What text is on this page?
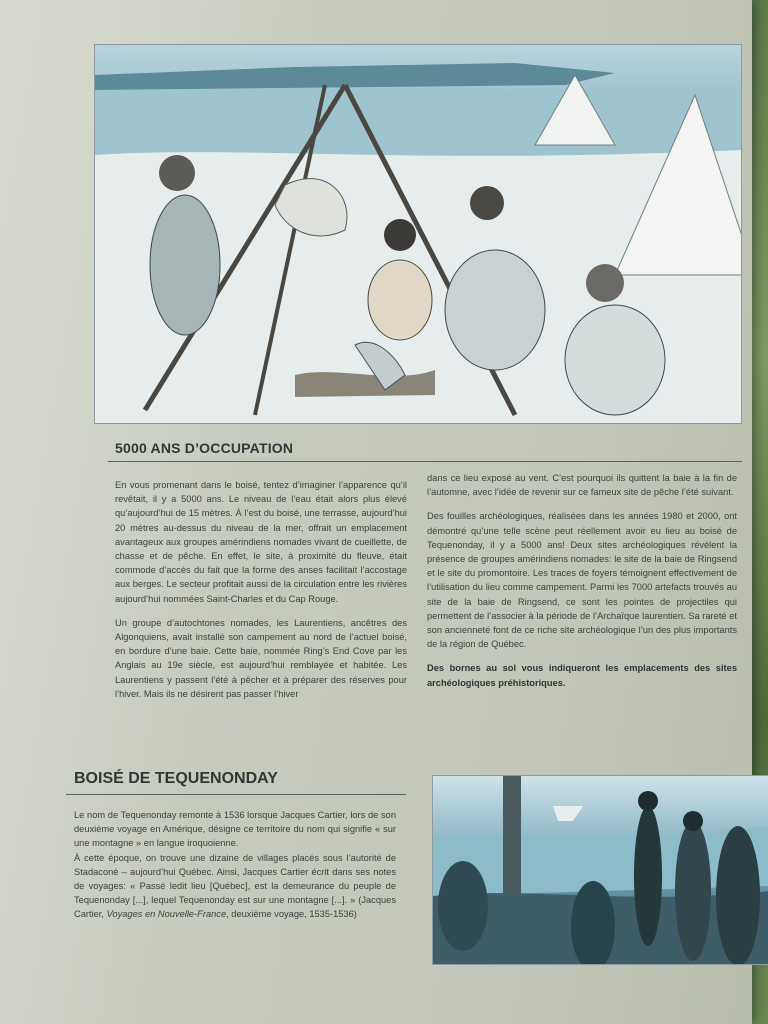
5000 ANS D’OCCUPATION

En vous promenant dans le boisé, tentez d’imaginer l’apparence qu’il revêtait, il y a 5000 ans. Le niveau de l’eau était alors plus élevé qu’aujourd’hui de 15 mètres. À l’est du boisé, une terrasse, aujourd’hui 20 mètres au-dessus du niveau de la mer, offrait un emplacement avantageux aux groupes amérindiens nomades vivant de cueillette, de chasse et de pêche. En effet, le site, à proximité du fleuve, était commode d’accès du fait que la forme des anses facilitait l’accostage aux berges. Le secteur profitait aussi de la circulation entre les rivières aujourd’hui nommées Saint-Charles et du Cap Rouge.

Un groupe d’autochtones nomades, les Laurentiens, ancêtres des Algonquiens, avait installé son campement au nord de l’actuel boisé, en bordure d’une baie. Cette baie, nommée Ring’s End Cove par les Anglais au 19e siècle, est aujourd’hui remblayée et habitée. Les Laurentiens y passent l’été à pêcher et à préparer des réserves pour l’hiver. Mais ils ne désirent pas passer l’hiver

dans ce lieu exposé au vent. C’est pourquoi ils quittent la baie à la fin de l’automne, avec l’idée de revenir sur ce fameux site de pêche l’été suivant.

Des fouilles archéologiques, réalisées dans les années 1980 et 2000, ont démontré qu’une telle scène peut réellement avoir eu lieu au boisé de Tequenonday, il y a 5000 ans! Deux sites archéologiques révèlent la présence de groupes amérindiens nomades: le site de la baie de Ringsend et le site du promontoire. Les traces de foyers témoignent effectivement de l’utilisation du lieu comme campement. Parmi les 7000 artefacts trouvés au site de la baie de Ringsend, ce sont les pointes de projectiles qui permettent de l’associer à la période de l’Archaïque laurentien. Sa rareté et son ancienneté font de ce riche site archéologique l’un des plus importants de la région de Québec.

Des bornes au sol vous indiqueront les emplacements des sites archéologiques préhistoriques.

BOISÉ DE TEQUENONDAY

Le nom de Tequenonday remonte à 1536 lorsque Jacques Cartier, lors de son deuxième voyage en Amérique, désigne ce territoire du nom qui signifie « sur une montagne » en langue iroquoienne.

À cette époque, on trouve une dizaine de villages placés sous l’autorité de Stadaconé – aujourd’hui Québec. Ainsi, Jacques Cartier écrit dans ses notes de voyages: « Passé ledit lieu [Québec], est la demeurance du peuple de Tequenonday [...], lequel Tequenonday est sur une montagne [...]. » (Jacques Cartier, Voyages en Nouvelle-France, deuxième voyage, 1535-1536)
